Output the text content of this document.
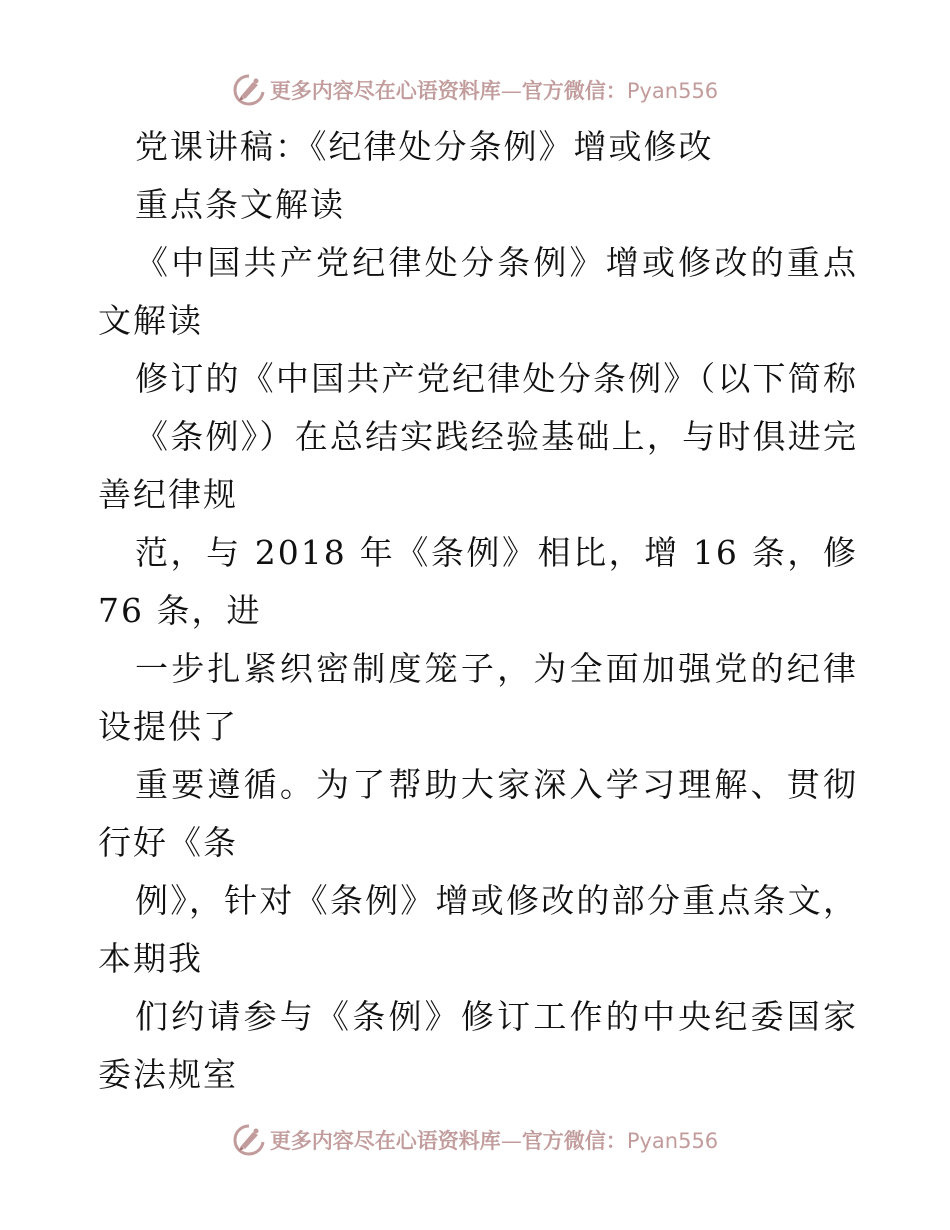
更多内容尽在心语资料库—官方微信：Pyan556
党课讲稿：《纪律处分条例》增或修改
重点条文解读
《中国共产党纪律处分条例》增或修改的重点
文解读
修订的《中国共产党纪律处分条例》（以下简称
《条例》）在总结实践经验基础上，与时俱进完
善纪律规
范，与 2018 年《条例》相比，增 16 条，修
76 条，进
一步扎紧织密制度笼子，为全面加强党的纪律
设提供了
重要遵循。为了帮助大家深入学习理解、贯彻
行好《条
例》，针对《条例》增或修改的部分重点条文，
本期我
们约请参与《条例》修订工作的中央纪委国家
委法规室
更多内容尽在心语资料库—官方微信：Pyan556
